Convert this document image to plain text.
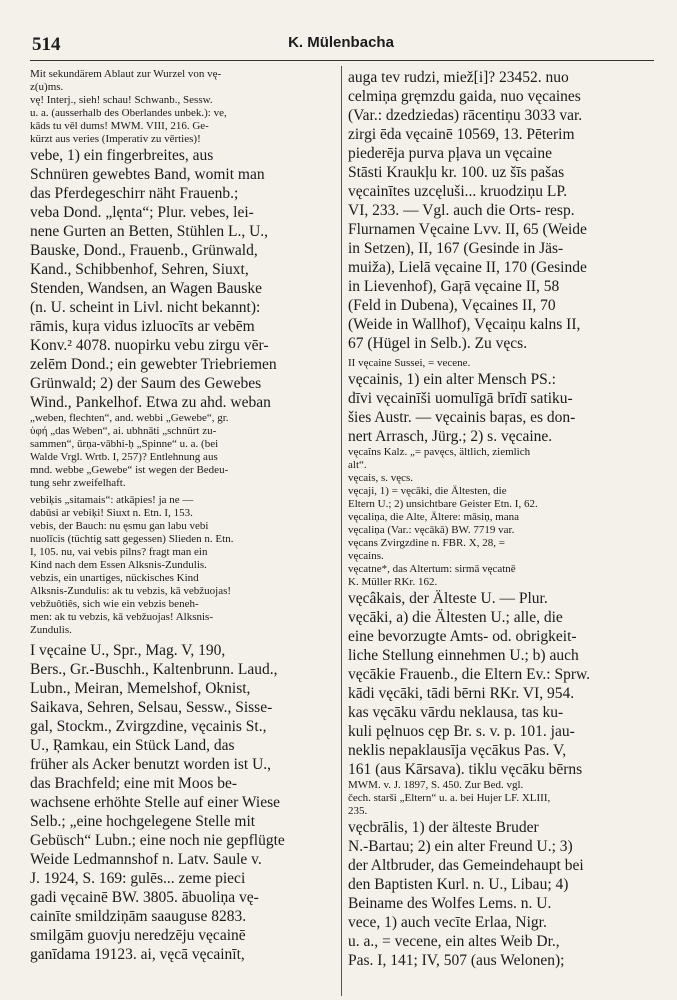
514	K. Mülenbacha
Mit sekundärem Ablaut zur Wurzel von vę-
z(u)ms.
vę! Interj., sieh! schau! Schwanb., Sessw.
u. a. (ausserhalb des Oberlandes unbek.): ve,
kāds tu vēl dums! MWM. VIII, 216. Ge-
kürzt aus veries (Imperativ zu vērties)!
vebe, 1) ein fingerbreites, aus
Schnüren gewebtes Band, womit man
das Pferdegeschirr näht Frauenb.;
veba Dond. „lęnta“; Plur. vebes, lei-
nene Gurten an Betten, Stühlen L., U.,
Bauske, Dond., Frauenb., Grünwald,
Kand., Schibbenhof, Sehren, Siuxt,
Stenden, Wandsen, an Wagen Bauske
(n. U. scheint in Livl. nicht bekannt):
rāmis, kuŗa vidus izluocīts ar vebēm
Konv.² 4078. nuopirku vebu zirgu vēr-
zelēm Dond.; ein gewebter Triebriemen
Grünwald; 2) der Saum des Gewebes
Wind., Pankelhof. Etwa zu ahd. weban
„weben, flechten“, and. webbi „Gewebe“, gr.
ὑφή „das Weben“, ai. ubhnāti „schnürt zu-
sammen“, ūrṇa-vābhi-ḥ „Spinne“ u. a. (bei
Walde Vrgl. Wrtb. I, 257)? Entlehnung aus
mnd. webbe „Gewebe“ ist wegen der Bedeu-
tung sehr zweifelhaft.
vebiķis „sitamais“: atkāpies! ja ne —
dabūsi ar vebiķi! Siuxt n. Etn. I, 153.
vebis, der Bauch: nu ęsmu gan labu vebi
nuolīcis (tüchtig satt gegessen) Slieden n. Etn.
I, 105. nu, vai vebis pilns? fragt man ein
Kind nach dem Essen Alksnis-Zundulis.
vebzis, ein unartiges, nückisches Kind
Alksnis-Zundulis: ak tu vebzis, kā vebžuojas!
vebžuôtiês, sich wie ein vebzis beneh-
men: ak tu vebzis, kā vebžuojas! Alksnis-
Zundulis.
I vęcaine U., Spr., Mag. V, 190,
Bers., Gr.-Buschh., Kaltenbrunn. Laud.,
Lubn., Meiran, Memelshof, Oknist,
Saikava, Sehren, Selsau, Sessw., Sisse-
gal, Stockm., Zvirgzdine, vęcainis St.,
U., Ŗamkau, ein Stück Land, das
früher als Acker benutzt worden ist U.,
das Brachfeld; eine mit Moos be-
wachsene erhöhte Stelle auf einer Wiese
Selb.; „eine hochgelegene Stelle mit
Gebüsch“ Lubn.; eine noch nie gepflügte
Weide Ledmannshof n. Latv. Saule v.
J. 1924, S. 169: gulēs... zeme pieci
gadi vęcainē BW. 3805. ābuoliņa vę-
cainīte smildziņām saauguse 8283.
smilgām guovju neredzēju vęcainē
ganīdama 19123. ai, vęcā vęcainīt,
auga tev rudzi, miež[i]? 23452. nuo
celmiņa gręmzdu gaida, nuo vęcaines
(Var.: dzedziedas) rācentiņu 3033 var.
zirgi ēda vęcainē 10569, 13. Pēterim
piederēja purva pļava un vęcaine
Stāsti Kraukļu kr. 100. uz šīs pašas
vęcainītes uzcęluši... kruodziņu LP.
VI, 233. — Vgl. auch die Orts- resp.
Flurnamen Vęcaine Lvv. II, 65 (Weide
in Setzen), II, 167 (Gesinde in Jäs-
muiža), Lielā vęcaine II, 170 (Gesinde
in Lievenhof), Gaŗā vęcaine II, 58
(Feld in Dubena), Vęcaines II, 70
(Weide in Wallhof), Vęcaiņu kalns II,
67 (Hügel in Selb.). Zu vęcs.
II vęcaine Sussei, = vecene.
vęcainis, 1) ein alter Mensch PS.:
dīvi vęcainīši uomulīgā brīdī satiku-
šies Austr. — vęcainis baŗas, es don-
nert Arrasch, Jürg.; 2) s. vęcaine.
vęcaîns Kalz. „= pavęcs, ältlich, ziemlich
alt“.
vęcais, s. vęcs.
vęcaji, 1) = vęcāki, die Ältesten, die
Eltern U.; 2) unsichtbare Geister Etn. I, 62.
vęcaliņa, die Alte, Ältere: māsiņ, mana
vęcaliņa (Var.: vęcākā) BW. 7719 var.
vęcans Zvirgzdine n. FBR. X, 28, =
vęcains.
vęcatne*, das Altertum: sirmā vęcatnē
K. Müller RKr. 162.
vęcâkais, der Älteste U. — Plur.
vęcāki, a) die Ältesten U.; alle, die
eine bevorzugte Amts- od. obrigkeit-
liche Stellung einnehmen U.; b) auch
vęcākie Frauenb., die Eltern Ev.: Sprw.
kādi vęcāki, tādi bērni RKr. VI, 954.
kas vęcāku vārdu neklausa, tas ku-
kuli pęlnuos cęp Br. s. v. p. 101. jau-
neklis nepaklausīja vęcākus Pas. V,
161 (aus Kārsava). tiklu vęcāku bērns
MWM. v. J. 1897, S. 450. Zur Bed. vgl.
čech. starši „Eltern“ u. a. bei Hujer LF. XLIII,
235.
vęcbrālis, 1) der älteste Bruder
N.-Bartau; 2) ein alter Freund U.; 3)
der Altbruder, das Gemeindehaupt bei
den Baptisten Kurl. n. U., Libau; 4)
Beiname des Wolfes Lems. n. U.
vece, 1) auch vecīte Erlaa, Nigr.
u. a., = vecene, ein altes Weib Dr.,
Pas. I, 141; IV, 507 (aus Welonen);
